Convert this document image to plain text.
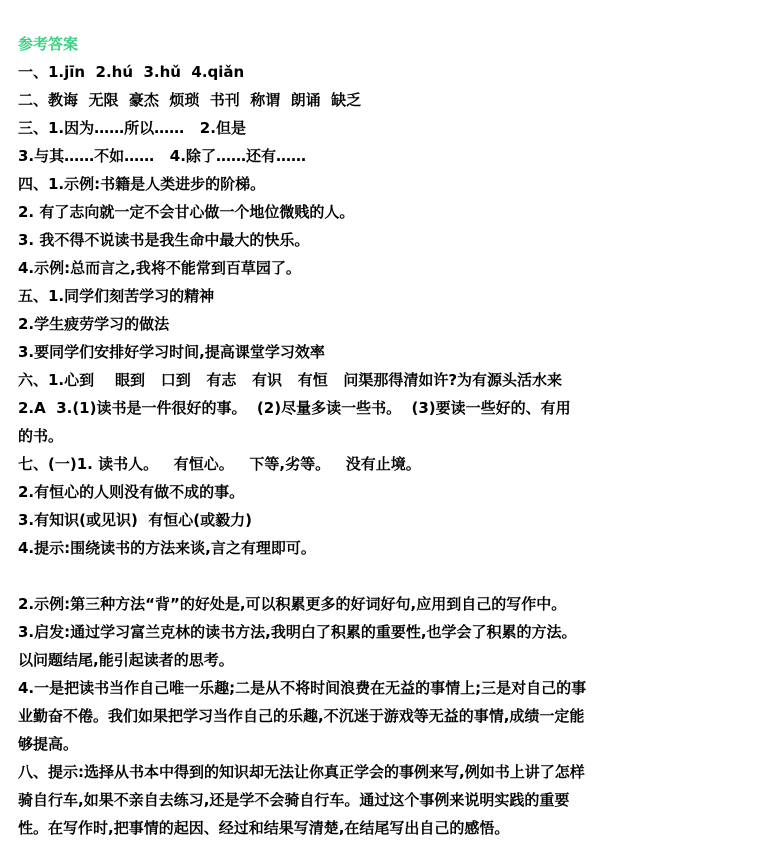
参考答案
一、1.jīn  2.hú  3.hǔ  4.qiǎn
二、教诲  无限  豪杰  烦琐  书刊  称谓  朗诵  缺乏
三、1.因为……所以……   2.但是
3.与其……不如……   4.除了……还有……
四、1.示例:书籍是人类进步的阶梯。
2. 有了志向就一定不会甘心做一个地位微贱的人。
3. 我不得不说读书是我生命中最大的快乐。
4.示例:总而言之,我将不能常到百草园了。
五、1.同学们刻苦学习的精神
2.学生疲劳学习的做法
3.要同学们安排好学习时间,提高课堂学习效率
六、1.心到    眼到   口到   有志   有识   有恒   问渠那得清如许?为有源头活水来
2.A  3.(1)读书是一件很好的事。  (2)尽量多读一些书。  (3)要读一些好的、有用
的书。
七、(一)1. 读书人。   有恒心。   下等,劣等。   没有止境。
2.有恒心的人则没有做不成的事。
3.有知识(或见识)  有恒心(或毅力)
4.提示:围绕读书的方法来谈,言之有理即可。

2.示例:第三种方法“背”的好处是,可以积累更多的好词好句,应用到自己的写作中。
3.启发:通过学习富兰克林的读书方法,我明白了积累的重要性,也学会了积累的方法。
以问题结尾,能引起读者的思考。
4.一是把读书当作自己唯一乐趣;二是从不将时间浪费在无益的事情上;三是对自己的事
业勤奋不倦。我们如果把学习当作自己的乐趣,不沉迷于游戏等无益的事情,成绩一定能
够提高。
八、提示:选择从书本中得到的知识却无法让你真正学会的事例来写,例如书上讲了怎样
骑自行车,如果不亲自去练习,还是学不会骑自行车。通过这个事例来说明实践的重要
性。在写作时,把事情的起因、经过和结果写清楚,在结尾写出自己的感悟。
